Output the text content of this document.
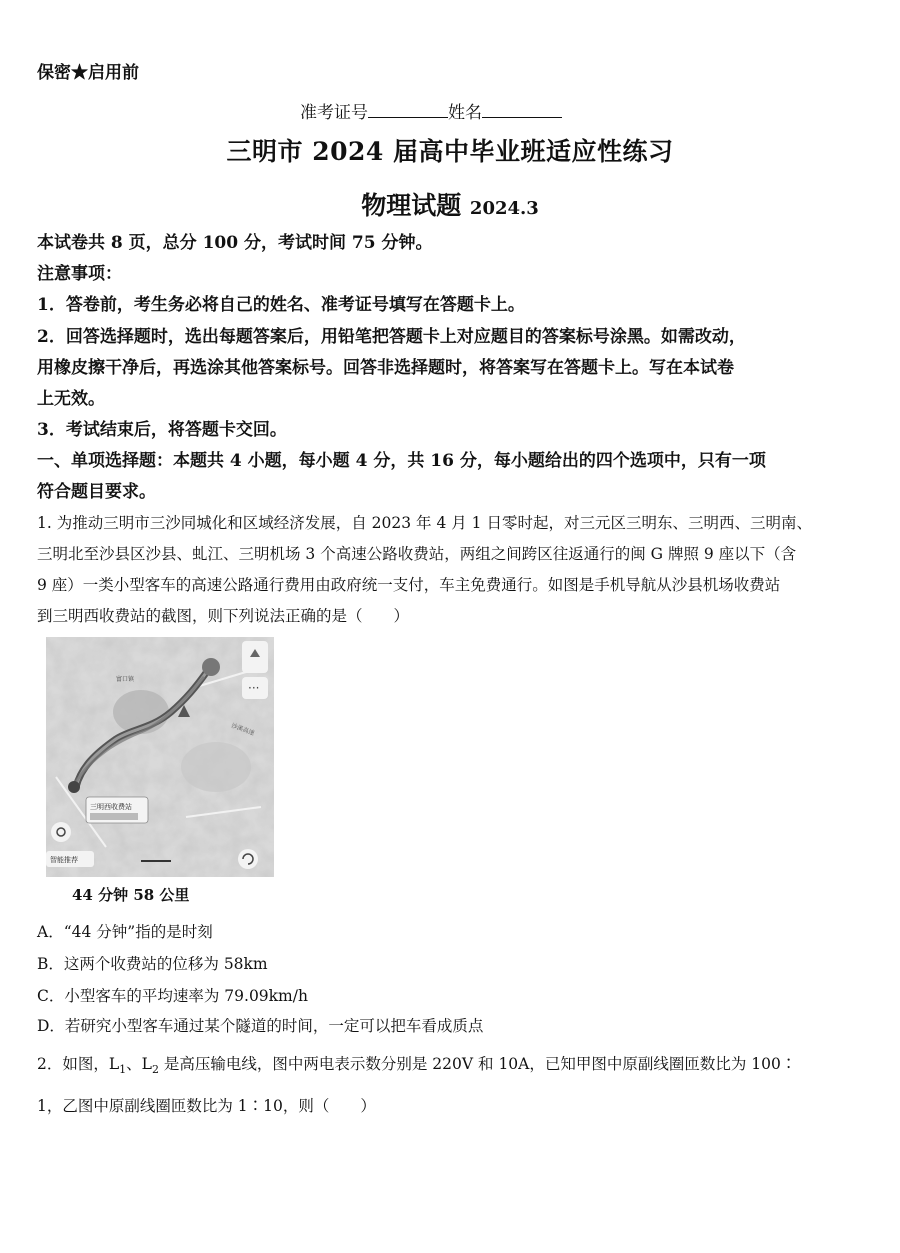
保密★启用前
准考证号	姓名
三明市 2024 届高中毕业班适应性练习
物理试题 2024.3
本试卷共 8 页，总分 100 分，考试时间 75 分钟。
注意事项：
1．答卷前，考生务必将自己的姓名、准考证号填写在答题卡上。
2．回答选择题时，选出每题答案后，用铅笔把答题卡上对应题目的答案标号涂黑。如需改动，
用橡皮擦干净后，再选涂其他答案标号。回答非选择题时，将答案写在答题卡上。写在本试卷
上无效。
3．考试结束后，将答题卡交回。
一、单项选择题：本题共 4 小题，每小题 4 分，共 16 分，每小题给出的四个选项中，只有一项
符合题目要求。
1. 为推动三明市三沙同城化和区域经济发展，自 2023 年 4 月 1 日零时起，对三元区三明东、三明西、三明南、
三明北至沙县区沙县、虬江、三明机场 3 个高速公路收费站，两组之间跨区往返通行的闽 G 牌照 9 座以下（含
9 座）一类小型客车的高速公路通行费用由政府统一支付，车主免费通行。如图是手机导航从沙县机场收费站
到三明西收费站的截图，则下列说法正确的是（　　）
三明西收费站
富口镇
沙溪高速
···
智能推荐
44 分钟 58 公里
A．“44 分钟”指的是时刻
B．这两个收费站的位移为 58km
C．小型客车的平均速率为 79.09km/h
D．若研究小型客车通过某个隧道的时间，一定可以把车看成质点
2．如图，$L_1$、$L_2$ 是高压输电线，图中两电表示数分别是 220V 和 10A，已知甲图中原副线圈匝数比为 100∶
1，乙图中原副线圈匝数比为 1∶10，则（　　）
